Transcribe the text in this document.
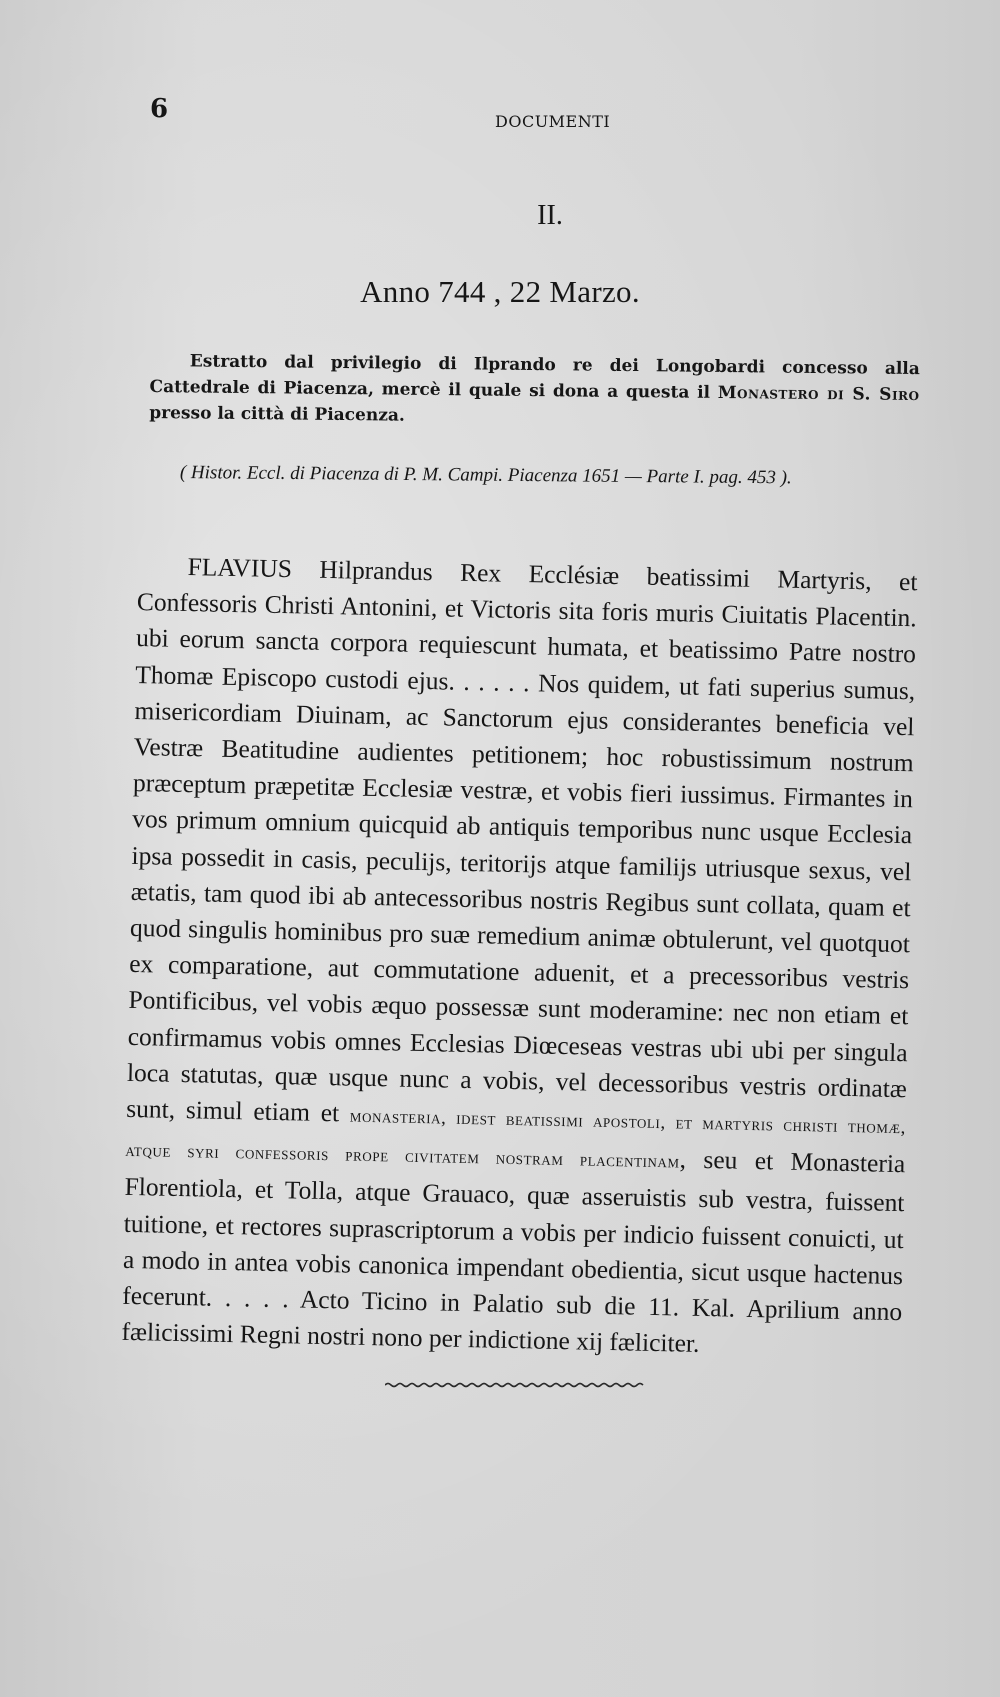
6	DOCUMENTI
II.
Anno 744 , 22 Marzo.
Estratto dal privilegio di Ilprando re dei Longobardi concesso alla Cattedrale di Piacenza, mercè il quale si dona a questa il Monastero di S. Siro presso la città di Piacenza.
( Histor. Eccl. di Piacenza di P. M. Campi. Piacenza 1651 — Parte I. pag. 453 ).
FLAVIUS Hilprandus Rex Ecclésiæ beatissimi Martyris, et Confessoris Christi Antonini, et Victoris sita foris muris Ciuitatis Placentin. ubi eorum sancta corpora requiescunt humata, et beatissimo Patre nostro Thomæ Episcopo custodi ejus. . . . . . Nos quidem, ut fati superius sumus, misericordiam Diuinam, ac Sanctorum ejus considerantes beneficia vel Vestræ Beatitudine audientes petitionem; hoc robustissimum nostrum præceptum præpetitæ Ecclesiæ vestræ, et vobis fieri iussimus. Firmantes in vos primum omnium quicquid ab antiquis temporibus nunc usque Ecclesia ipsa possedit in casis, peculijs, teritorijs atque familijs utriusque sexus, vel ætatis, tam quod ibi ab antecessoribus nostris Regibus sunt collata, quam et quod singulis hominibus pro suæ remedium animæ obtulerunt, vel quotquot ex comparatione, aut commutatione aduenit, et a precessoribus vestris Pontificibus, vel vobis æquo possessæ sunt moderamine: nec non etiam et confirmamus vobis omnes Ecclesias Diœceseas vestras ubi ubi per singula loca statutas, quæ usque nunc a vobis, vel decessoribus vestris ordinatæ sunt, simul etiam et monasteria, idest beatissimi apostoli, et martyris christi thomæ, atque syri confessoris prope civitatem nostram placentinam, seu et Monasteria Florentiola, et Tolla, atque Grauaco, quæ asseruistis sub vestra, fuissent tuitione, et rectores suprascriptorum a vobis per indicio fuissent conuicti, ut a modo in antea vobis canonica impendant obedientia, sicut usque hactenus fecerunt. . . . . Acto Ticino in Palatio sub die 11. Kal. Aprilium anno fælicissimi Regni nostri nono per indictione xij fæliciter.
